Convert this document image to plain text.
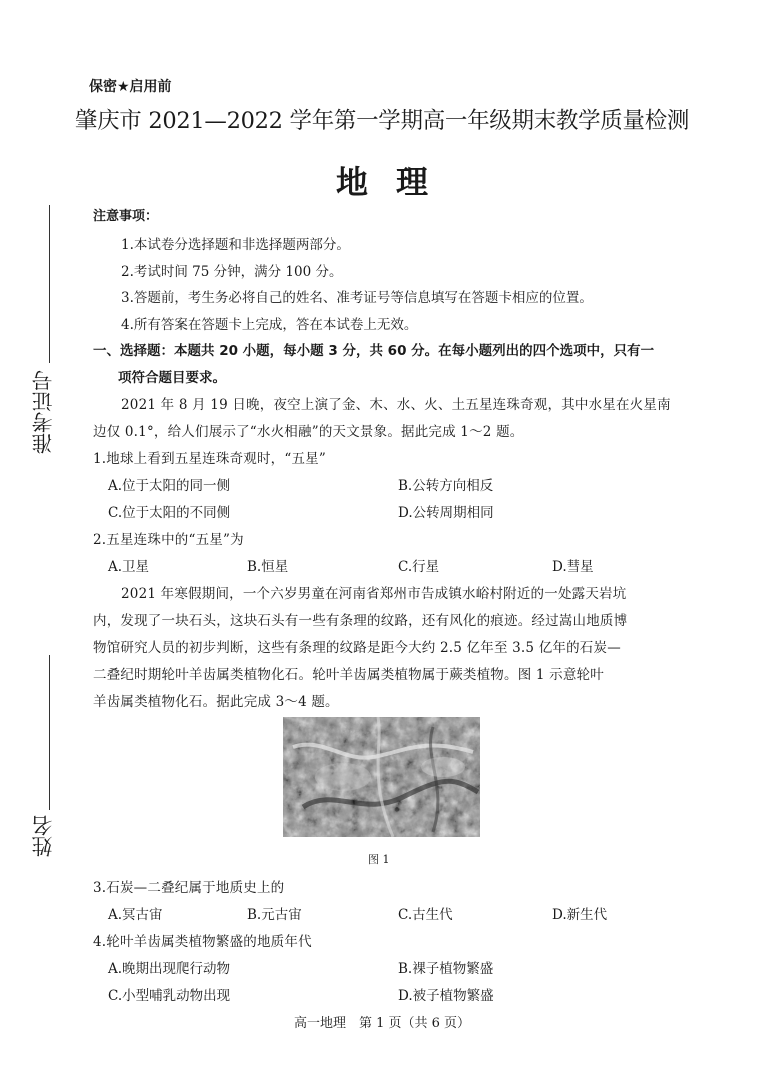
保密★启用前
肇庆市 2021—2022 学年第一学期高一年级期末教学质量检测
地理
准考证号
姓名
注意事项：
1.本试卷分选择题和非选择题两部分。
2.考试时间 75 分钟，满分 100 分。
3.答题前，考生务必将自己的姓名、准考证号等信息填写在答题卡相应的位置。
4.所有答案在答题卡上完成，答在本试卷上无效。
一、选择题：本题共 20 小题，每小题 3 分，共 60 分。在每小题列出的四个选项中，只有一
项符合题目要求。
2021 年 8 月 19 日晚，夜空上演了金、木、水、火、土五星连珠奇观，其中水星在火星南
边仅 0.1°，给人们展示了“水火相融”的天文景象。据此完成 1～2 题。
1.地球上看到五星连珠奇观时，“五星”
A.位于太阳的同一侧	B.公转方向相反
C.位于太阳的不同侧	D.公转周期相同
2.五星连珠中的“五星”为
A.卫星	B.恒星	C.行星	D.彗星
2021 年寒假期间，一个六岁男童在河南省郑州市告成镇水峪村附近的一处露天岩坑
内，发现了一块石头，这块石头有一些有条理的纹路，还有风化的痕迹。经过嵩山地质博
物馆研究人员的初步判断，这些有条理的纹路是距今大约 2.5 亿年至 3.5 亿年的石炭—
二叠纪时期轮叶羊齿属类植物化石。轮叶羊齿属类植物属于蕨类植物。图 1 示意轮叶
羊齿属类植物化石。据此完成 3～4 题。
图 1
3.石炭—二叠纪属于地质史上的
A.冥古宙	B.元古宙	C.古生代	D.新生代
4.轮叶羊齿属类植物繁盛的地质年代
A.晚期出现爬行动物	B.裸子植物繁盛
C.小型哺乳动物出现	D.被子植物繁盛
高一地理　第 1 页（共 6 页）
